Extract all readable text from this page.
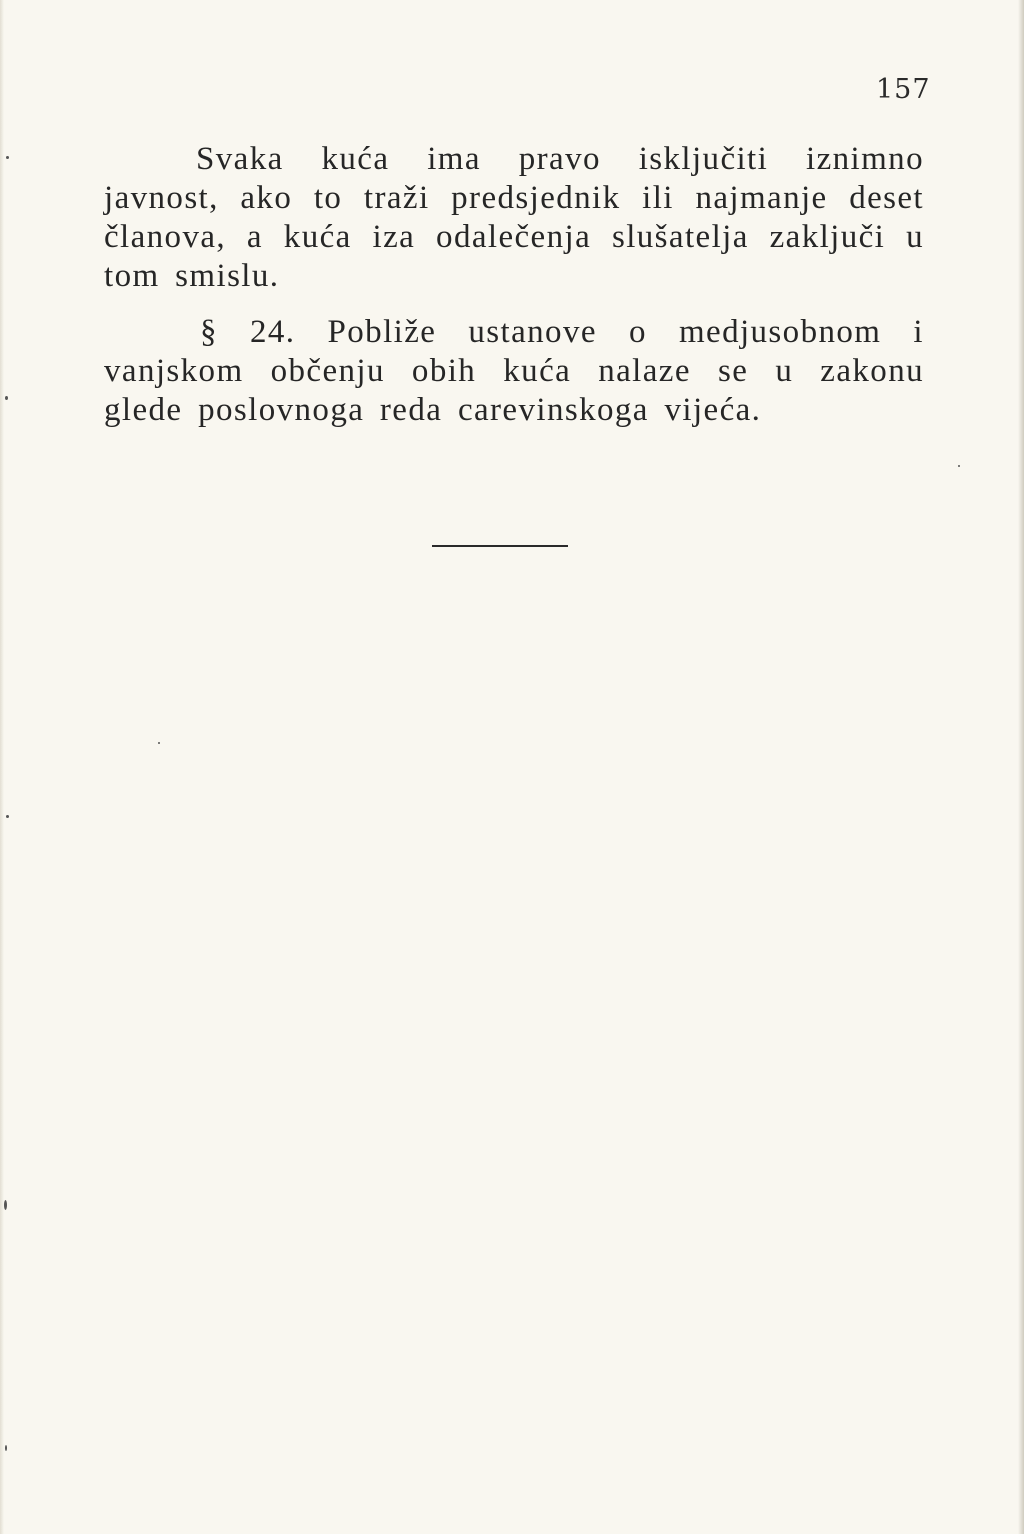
157

Svaka kuća ima pravo isključiti iznimno javnost, ako to traži predsjednik ili najmanje deset članova, a kuća iza odalečenja slušatelja zaključi u tom smislu.

§ 24. Pobliže ustanove o medjusobnom i vanjskom občenju obih kuća nalaze se u zakonu glede poslovnoga reda carevinskoga vijeća.
